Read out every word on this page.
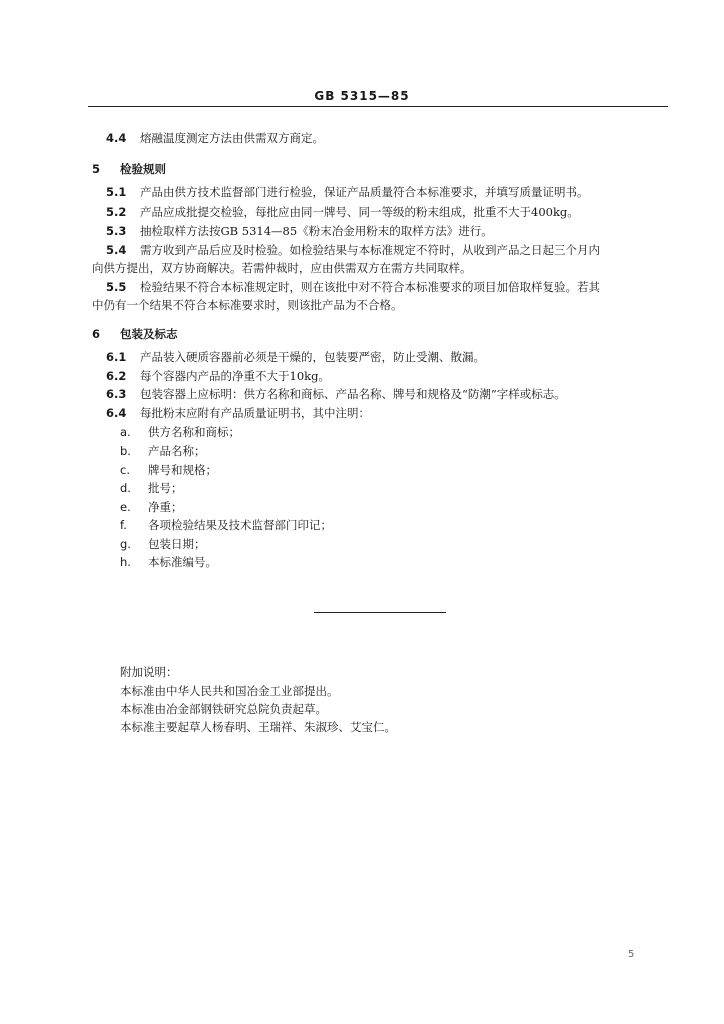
GB 5315—85
4.4 熔融温度测定方法由供需双方商定。
5 检验规则
5.1 产品由供方技术监督部门进行检验，保证产品质量符合本标准要求，并填写质量证明书。
5.2 产品应成批提交检验，每批应由同一牌号、同一等级的粉末组成，批重不大于400kg。
5.3 抽检取样方法按GB 5314—85《粉末冶金用粉末的取样方法》进行。
5.4 需方收到产品后应及时检验。如检验结果与本标准规定不符时，从收到产品之日起三个月内
向供方提出，双方协商解决。若需仲裁时，应由供需双方在需方共同取样。
5.5 检验结果不符合本标准规定时，则在该批中对不符合本标准要求的项目加倍取样复验。若其
中仍有一个结果不符合本标准要求时，则该批产品为不合格。
6 包装及标志
6.1 产品装入硬质容器前必须是干燥的，包装要严密，防止受潮、散漏。
6.2 每个容器内产品的净重不大于10kg。
6.3 包装容器上应标明：供方名称和商标、产品名称、牌号和规格及“防潮”字样或标志。
6.4 每批粉末应附有产品质量证明书，其中注明：
a. 供方名称和商标；
b. 产品名称；
c. 牌号和规格；
d. 批号；
e. 净重；
f. 各项检验结果及技术监督部门印记；
g. 包装日期；
h. 本标准编号。
附加说明：
本标准由中华人民共和国冶金工业部提出。
本标准由冶金部钢铁研究总院负责起草。
本标准主要起草人杨春明、王瑞祥、朱淑珍、艾宝仁。
5
